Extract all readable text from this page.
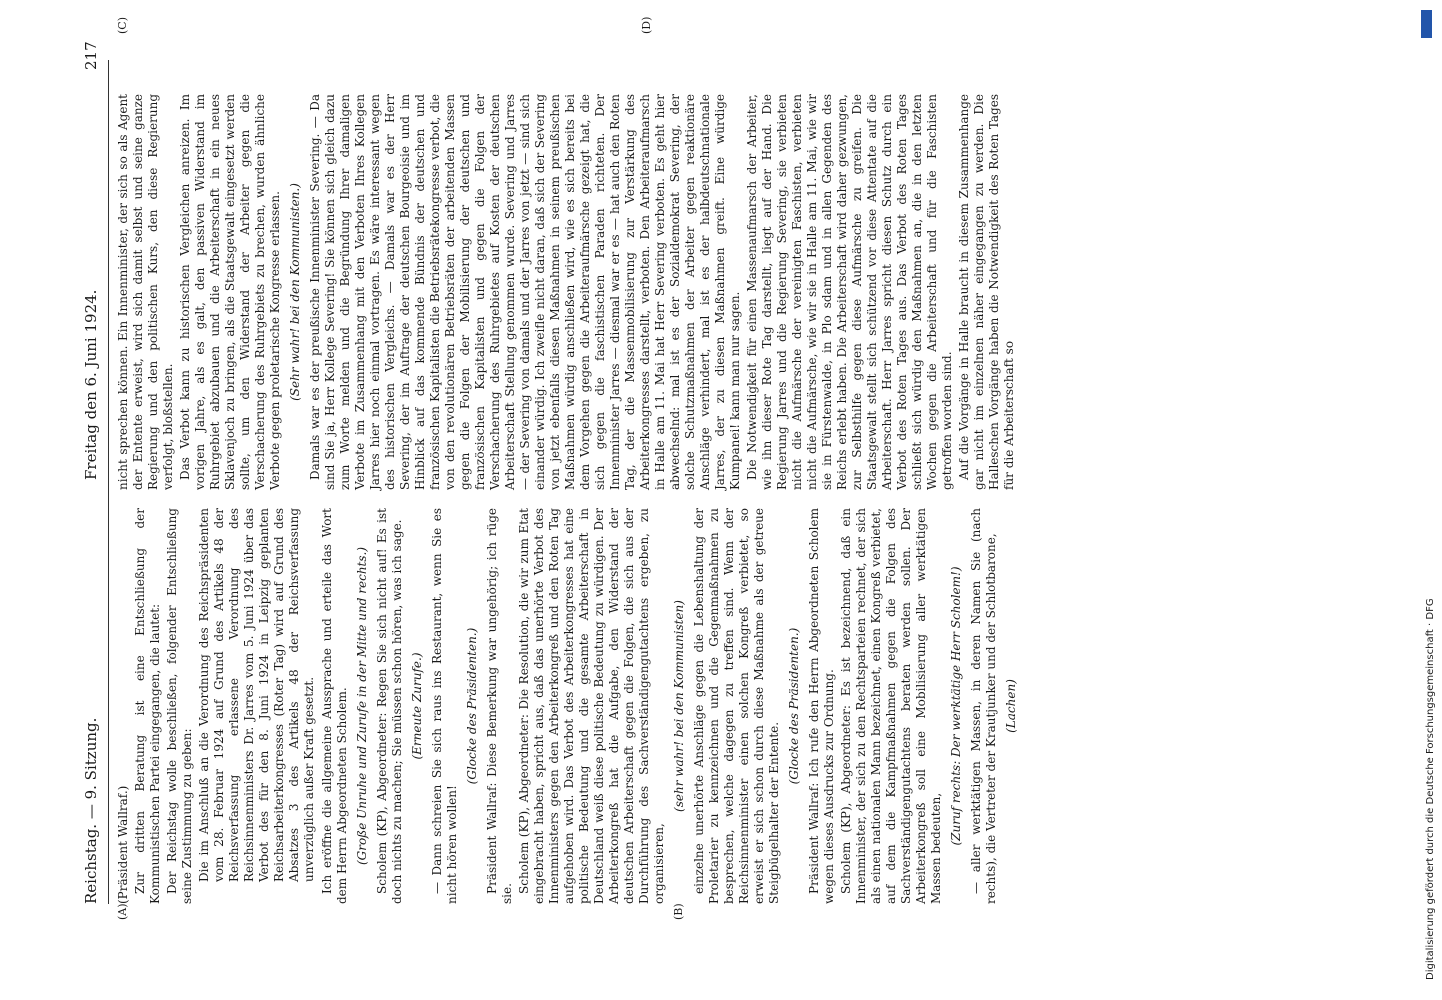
Reichstag. — 9. Sitzung.
Freitag den 6. Juni 1924.
217
(A)	(B)
(C)	(D)

(Präsident Wallraf.) Zur dritten Beratung ist eine Entschließung der Kommunistischen Partei eingegangen, die lautet: Der Reichstag wolle beschließen, folgender Entschließung seine Zustimmung zu geben: Die im Anschluß an die Verordnung des Reichspräsidenten vom 28. Februar 1924 auf Grund des Artikels 48 der Reichsverfassung erlassene Verordnung des Reichsinnenministers Dr. Jarres vom 5. Juni 1924 über das Verbot des für den 8. Juni 1924 in Leipzig geplanten Reichsarbeiterkongresses (Roter Tag) wird auf Grund des Absatzes 3 des Artikels 48 der Reichsverfassung unverzüglich außer Kraft gesetzt. Ich eröffne die allgemeine Aussprache und erteile das Wort dem Herrn Abgeordneten Scholem. (Große Unruhe und Zurufe in der Mitte und rechts.) Scholem (KP), Abgeordneter: Regen Sie sich nicht auf! Es ist doch nichts zu machen; Sie müssen schon hören, was ich sage. (Erneute Zurufe.) — Dann schreien Sie sich raus ins Restaurant, wenn Sie es nicht hören wollen!

(Glocke des Präsidenten.) Präsident Wallraf: Diese Bemerkung war ungehörig; ich rüge sie. Scholem (KP), Abgeordneter: Die Resolution, die wir zum Etat eingebracht haben, spricht aus, daß das unerhörte Verbot des Innenministers gegen den Arbeiterkongreß und den Roten Tag aufgehoben wird. Das Verbot des Arbeiterkongresses hat eine politische Bedeutung und die gesamte Arbeiterschaft in Deutschland weiß diese politische Bedeutung zu würdigen. Der Arbeiterkongreß hat die Aufgabe, den Widerstand der deutschen Arbeiterschaft gegen die Folgen, die sich aus der Durchführung des Sachverständigengutachtens ergeben, zu organisieren,

(sehr wahr! bei den Kommunisten) einzelne unerhörte Anschläge gegen die Lebenshaltung der Proletarier zu kennzeichnen und die Gegenmaßnahmen zu besprechen, welche dagegen zu treffen sind. Wenn der Reichsinnenminister einen solchen Kongreß verbietet, so erweist er sich schon durch diese Maßnahme als der getreue Steigbügelhalter der Entente.

(Glocke des Präsidenten.) Präsident Wallraf: Ich rufe den Herrn Abgeordneten Scholem wegen dieses Ausdrucks zur Ordnung. Scholem (KP), Abgeordneter: Es ist bezeichnend, daß ein Innenminister, der sich zu den Rechtsparteien rechnet, der sich als einen nationalen Mann bezeichnet, einen Kongreß verbietet, auf dem die Kampfmaßnahmen gegen die Folgen des Sachverständigengutachtens beraten werden sollen. Der Arbeiterkongreß soll eine Mobilisierung aller werktätigen Massen bedeuten,

(Zuruf rechts: Der werktätige Herr Scholem!) — aller werktätigen Massen, in deren Namen Sie (nach rechts), die Vertreter der Krautjunker und der Schlotbarone, (Lachen)

nicht sprechen können. Ein Innenminister, der sich so als Agent der Entente erweist, wird sich damit selbst und seine ganze Regierung und den politischen Kurs, den diese Regierung verfolgt, bloßstellen. Das Verbot kann zu historischen Vergleichen anreizen. Im vorigen Jahre, als es galt, den passiven Widerstand im Ruhrgebiet abzubauen und die Arbeiterschaft in ein neues Sklavenjoch zu bringen, als die Staatsgewalt eingesetzt werden sollte, um den Widerstand der Arbeiter gegen die Verschacherung des Ruhrgebiets zu brechen, wurden ähnliche Verbote gegen proletarische Kongresse erlassen. (Sehr wahr! bei den Kommunisten.) Damals war es der preußische Innenminister Severing. — Da sind Sie ja, Herr Kollege Severing! Sie können sich gleich dazu zum Worte melden und die Begründung Ihrer damaligen Verbote im Zusammenhang mit den Verboten Ihres Kollegen Jarres hier noch einmal vortragen. Es wäre interessant wegen des historischen Vergleichs. — Damals war es der Herr Severing, der im Auftrage der deutschen Bourgeoisie und im Hinblick auf das kommende Bündnis der deutschen und französischen Kapitalisten die Betriebsrätekongresse verbot, die von den revolutionären Betriebsräten der arbeitenden Massen gegen die Folgen der Mobilisierung der deutschen und französischen Kapitalisten und gegen die Folgen der Verschacherung des Ruhrgebietes auf Kosten der deutschen Arbeiterschaft Stellung genommen wurde. Severing und Jarres — der Severing von damals und der Jarres von jetzt — sind sich einander würdig. Ich zweifle nicht daran, daß sich der Severing von jetzt ebenfalls diesen Maßnahmen in seinem preußischen Maßnahmen würdig anschließen wird, wie es sich bereits bei dem Vorgehen gegen die Arbeiteraufmärsche gezeigt hat, die sich gegen die faschistischen Paraden richteten. Der Innenminister Jarres — diesmal war er es — hat auch den Roten Tag, der die Massenmobilisierung zur Verstärkung des Arbeiterkongresses darstellt, verboten. Den Arbeiteraufmarsch in Halle am 11. Mai hat Herr Severing verboten. Es geht hier abwechselnd: mal ist es der Sozialdemokrat Severing, der solche Schutzmaßnahmen der Arbeiter gegen reaktionäre Anschläge verhindert, mal ist es der halbdeutschnationale Jarres, der zu diesen Maßnahmen greift. Eine würdige Kumpanei! kann man nur sagen. Die Notwendigkeit für einen Massenaufmarsch der Arbeiter, wie ihn dieser Rote Tag darstellt, liegt auf der Hand. Die Regierung Jarres und die Regierung Severing, sie verbieten nicht die Aufmärsche der vereinigten Faschisten, verbieten nicht die Aufmärsche, wie wir sie in Halle am 11. Mai, wie wir sie in Fürstenwalde, in Plo sdam und in allen Gegenden des Reichs erlebt haben. Die Arbeiterschaft wird daher gezwungen, zur Selbsthilfe gegen diese Aufmärsche zu greifen. Die Staatsgewalt stellt sich schützend vor diese Attentate auf die Arbeiterschaft. Herr Jarres spricht diesen Schutz durch ein Verbot des Roten Tages aus. Das Verbot des Roten Tages schließt sich würdig den Maßnahmen an, die in den letzten Wochen gegen die Arbeiterschaft und für die Faschisten getroffen worden sind. Auf die Vorgänge in Halle braucht in diesem Zusammenhange gar nicht im einzelnen näher eingegangen zu werden. Die Halleschen Vorgänge haben die Notwendigkeit des Roten Tages für die Arbeiterschaft so

Digitalisierung gefördert durch die Deutsche Forschungsgemeinschaft · DFG
